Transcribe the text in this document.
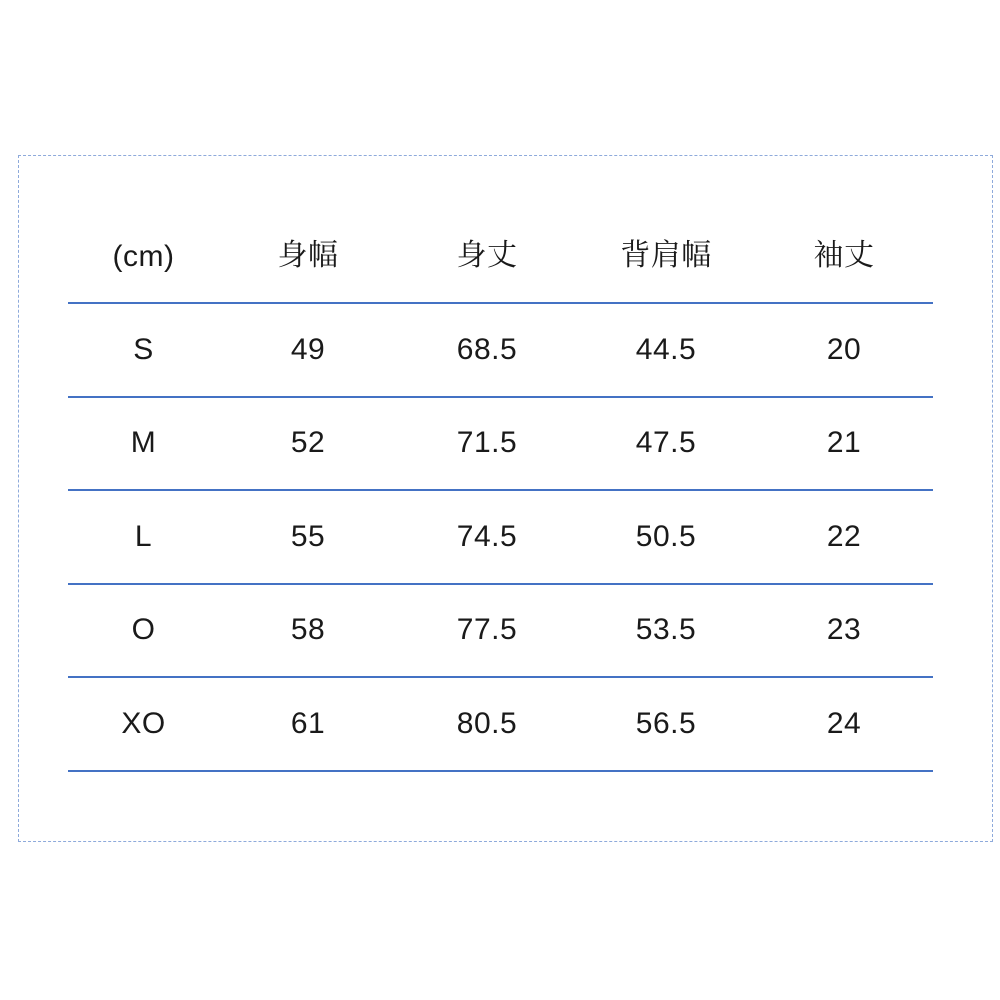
(cm)	身幅	身丈	背肩幅	袖丈
S	49	68.5	44.5	20
M	52	71.5	47.5	21
L	55	74.5	50.5	22
O	58	77.5	53.5	23
XO	61	80.5	56.5	24
